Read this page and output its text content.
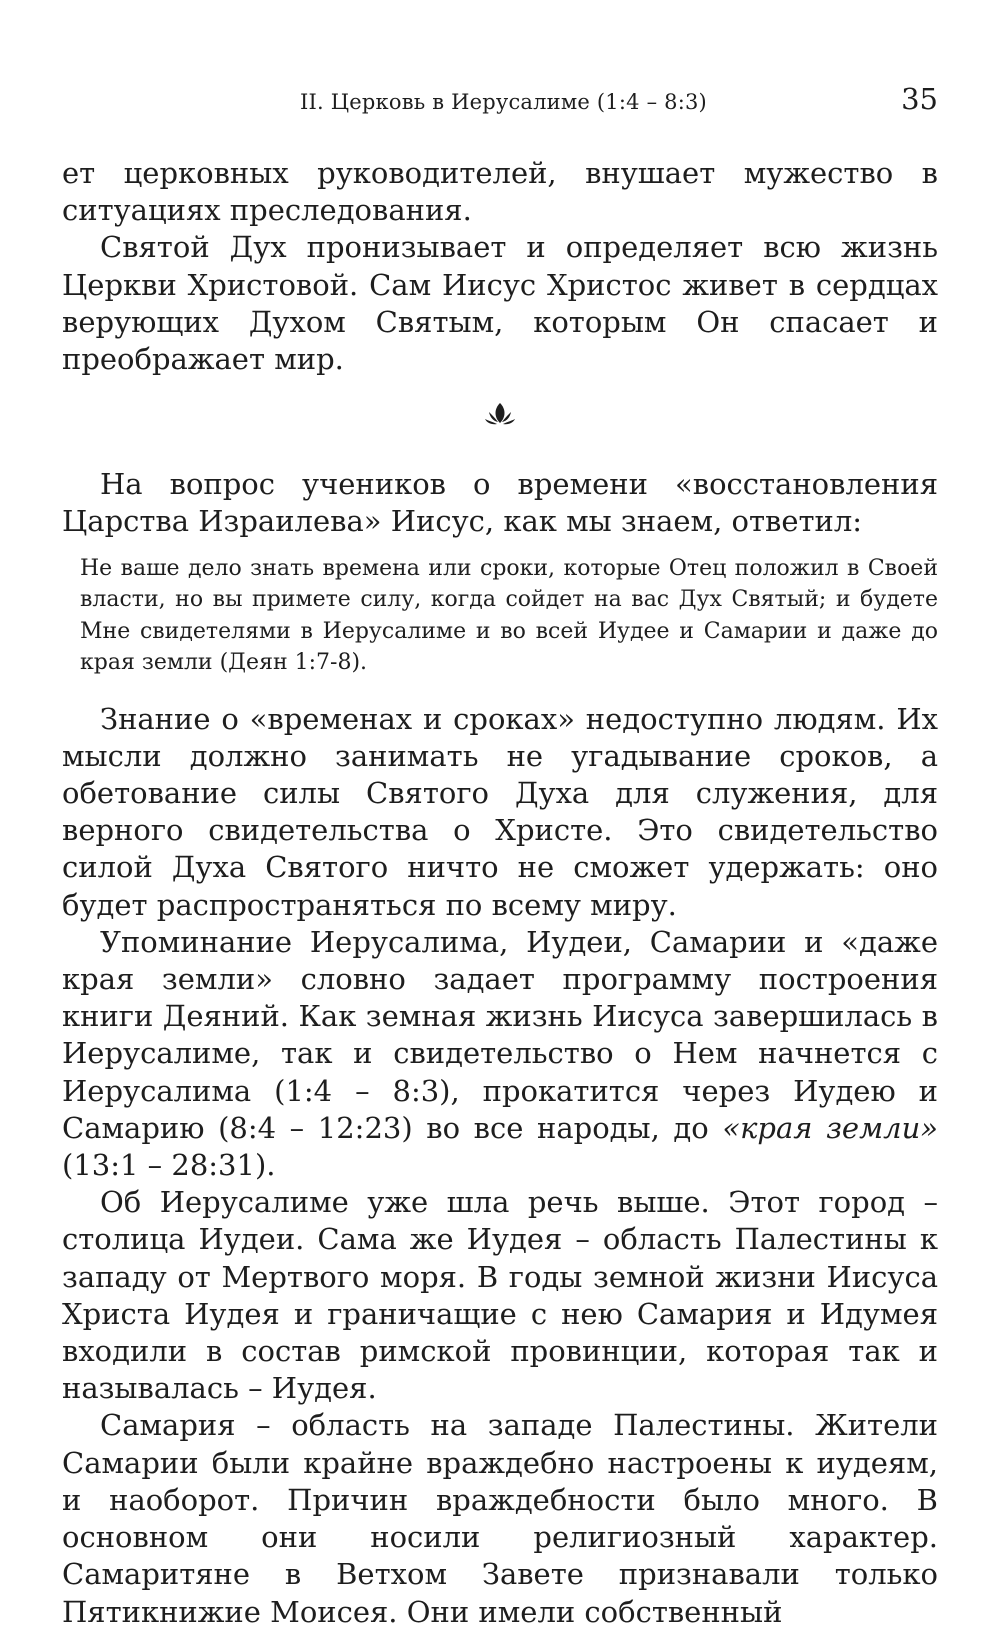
II. Церковь в Иерусалиме (1:4 – 8:3)	35

ет церковных руководителей, внушает мужество в ситуациях преследования.

Святой Дух пронизывает и определяет всю жизнь Церкви Христовой. Сам Иисус Христос живет в сердцах верующих Духом Святым, которым Он спасает и преображает мир.

На вопрос учеников о времени «восстановления Царства Израилева» Иисус, как мы знаем, ответил:

Не ваше дело знать времена или сроки, которые Отец положил в Своей власти, но вы примете силу, когда сойдет на вас Дух Святый; и будете Мне свидетелями в Иерусалиме и во всей Иудее и Самарии и даже до края земли (Деян 1:7-8).

Знание о «временах и сроках» недоступно людям. Их мысли должно занимать не угадывание сроков, а обетование силы Святого Духа для служения, для верного свидетельства о Христе. Это свидетельство силой Духа Святого ничто не сможет удержать: оно будет распространяться по всему миру.

Упоминание Иерусалима, Иудеи, Самарии и «даже края земли» словно задает программу построения книги Деяний. Как земная жизнь Иисуса завершилась в Иерусалиме, так и свидетельство о Нем начнется с Иерусалима (1:4 – 8:3), прокатится через Иудею и Самарию (8:4 – 12:23) во все народы, до «края земли» (13:1 – 28:31).

Об Иерусалиме уже шла речь выше. Этот город – столица Иудеи. Сама же Иудея – область Палестины к западу от Мертвого моря. В годы земной жизни Иисуса Христа Иудея и граничащие с нею Самария и Идумея входили в состав римской провинции, которая так и называлась – Иудея.

Самария – область на западе Палестины. Жители Самарии были крайне враждебно настроены к иудеям, и наоборот. Причин враждебности было много. В основном они носили религиозный характер. Самаритяне в Ветхом Завете признавали только Пятикнижие Моисея. Они имели собственный
